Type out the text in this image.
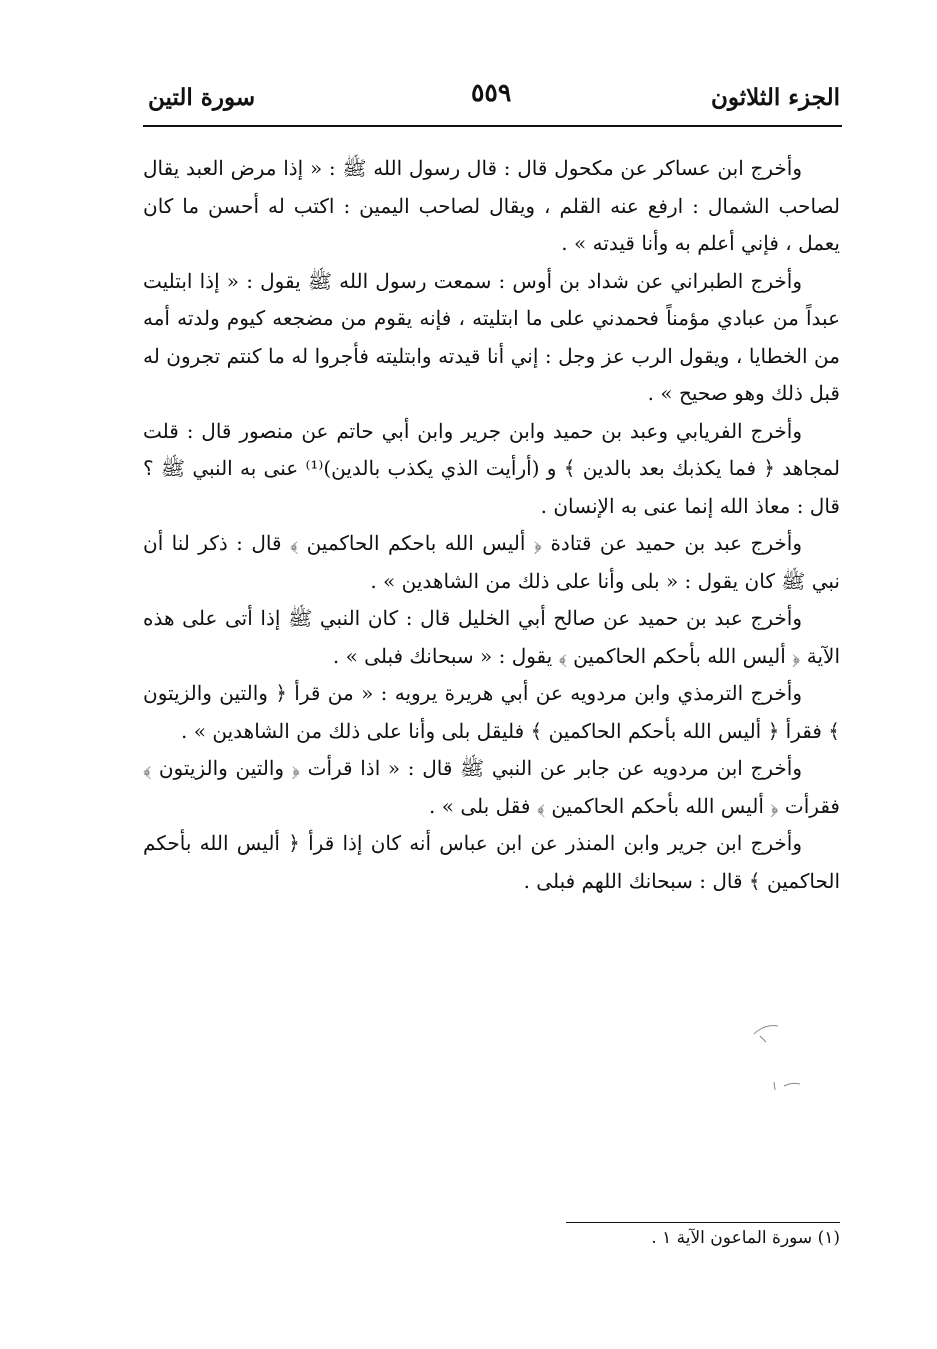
الجزء الثلاثون
٥٥٩
سورة التين

وأخرج ابن عساكر عن مكحول قال : قال رسول الله ﷺ : « إذا مرض العبد يقال لصاحب الشمال : ارفع عنه القلم ، ويقال لصاحب اليمين : اكتب له أحسن ما كان يعمل ، فإني أعلم به وأنا قيدته » .

وأخرج الطبراني عن شداد بن أوس : سمعت رسول الله ﷺ يقول : « إذا ابتليت عبداً من عبادي مؤمناً فحمدني على ما ابتليته ، فإنه يقوم من مضجعه كيوم ولدته أمه من الخطايا ، ويقول الرب عز وجل : إني أنا قيدته وابتليته فأجروا له ما كنتم تجرون له قبل ذلك وهو صحيح » .

وأخرج الفريابي وعبد بن حميد وابن جرير وابن أبي حاتم عن منصور قال : قلت لمجاهد ﴿ فما يكذبك بعد بالدين ﴾ و (أرأيت الذي يكذب بالدين)⁽¹⁾ عنى به النبي ﷺ ؟ قال : معاذ الله إنما عنى به الإنسان .

وأخرج عبد بن حميد عن قتادة ﴿ أليس الله باحكم الحاكمين ﴾ قال : ذكر لنا أن نبي ﷺ كان يقول : « بلى وأنا على ذلك من الشاهدين » .

وأخرج عبد بن حميد عن صالح أبي الخليل قال : كان النبي ﷺ إذا أتى على هذه الآية ﴿ أليس الله بأحكم الحاكمين ﴾ يقول : « سبحانك فبلى » .

وأخرج الترمذي وابن مردويه عن أبي هريرة يرويه : « من قرأ ﴿ والتين والزيتون ﴾ فقرأ ﴿ أليس الله بأحكم الحاكمين ﴾ فليقل بلى وأنا على ذلك من الشاهدين » .

وأخرج ابن مردويه عن جابر عن النبي ﷺ قال : « اذا قرأت ﴿ والتين والزيتون ﴾ فقرأت ﴿ أليس الله بأحكم الحاكمين ﴾ فقل بلى » .

وأخرج ابن جرير وابن المنذر عن ابن عباس أنه كان إذا قرأ ﴿ أليس الله بأحكم الحاكمين ﴾ قال : سبحانك اللهم فبلى .

(١) سورة الماعون الآية ١ .
